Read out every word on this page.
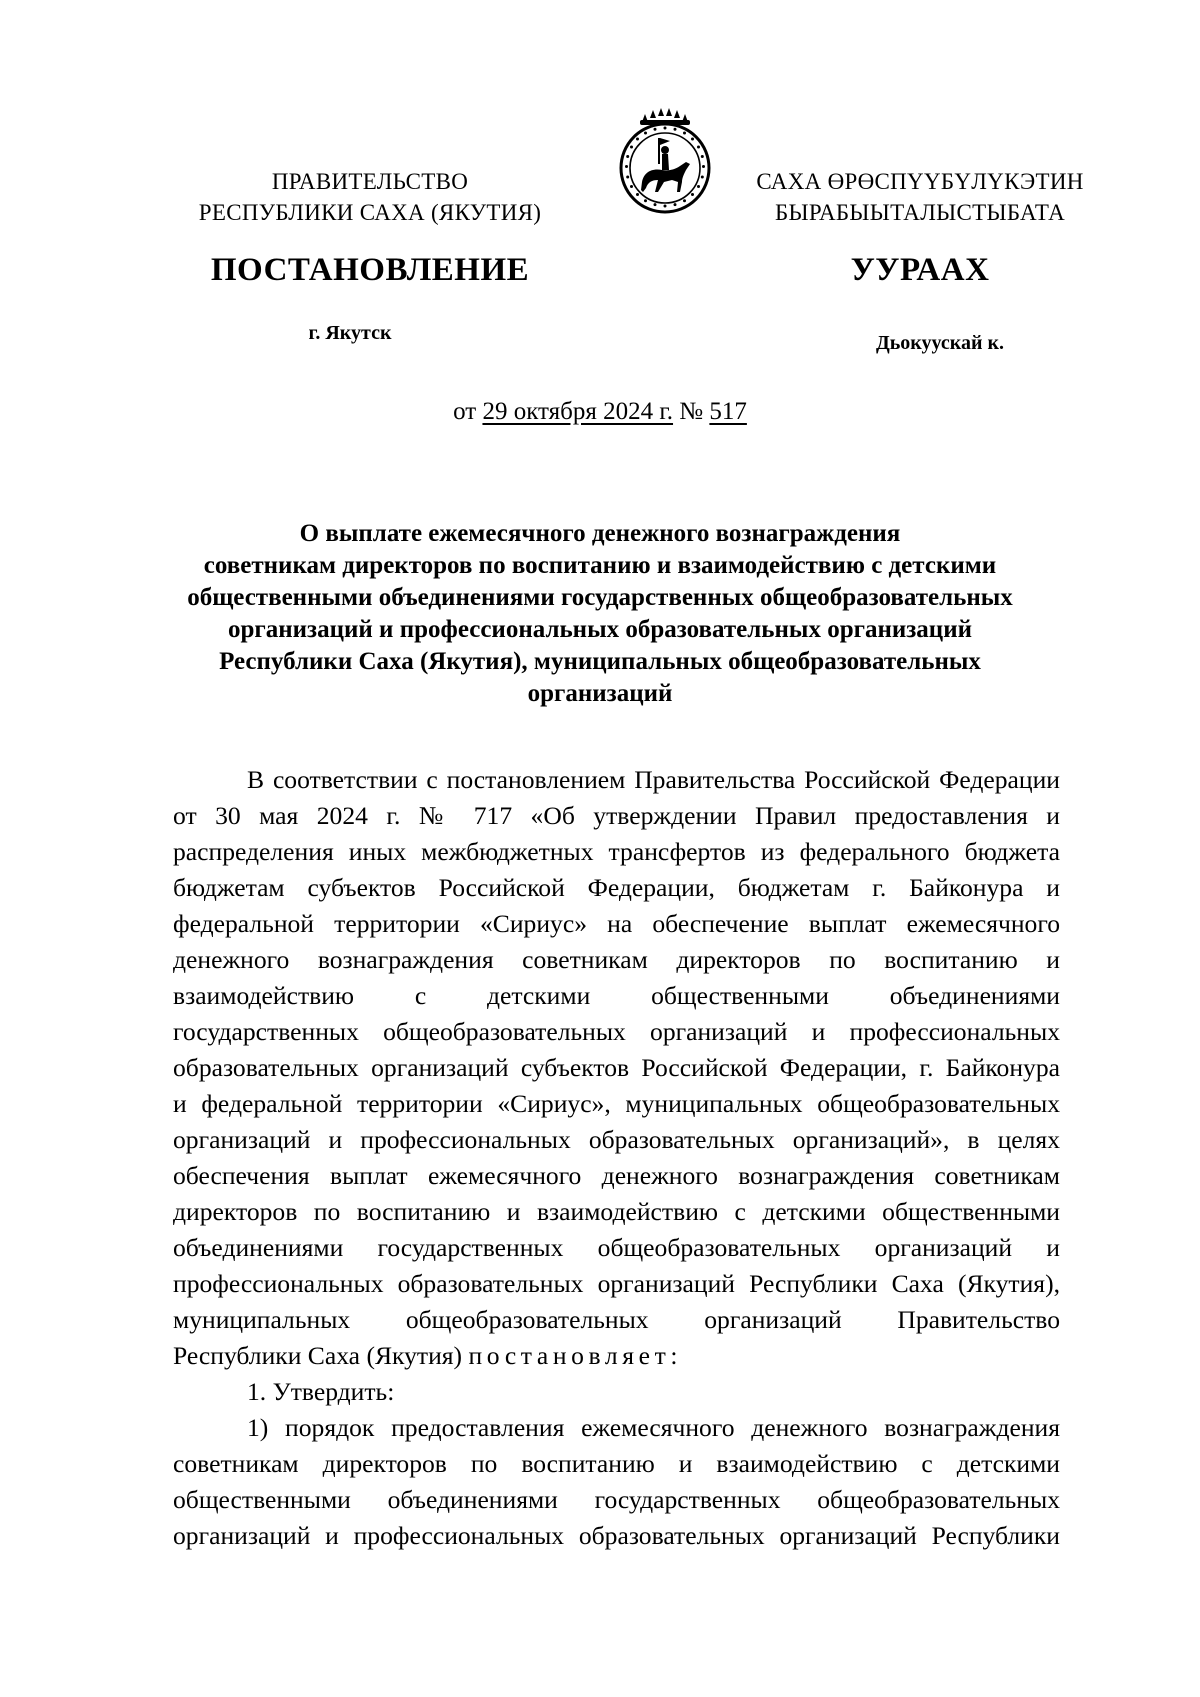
ПРАВИТЕЛЬСТВО
РЕСПУБЛИКИ САХА (ЯКУТИЯ)
САХА ӨРӨСПҮҮБҮЛҮКЭТИН
БЫРАБЫЫТАЛЫСТЫБАТА
ПОСТАНОВЛЕНИЕ	УУРААХ
г. Якутск	Дьокуускай к.
от 29 октября 2024 г. № 517
О выплате ежемесячного денежного вознаграждения
советникам директоров по воспитанию и взаимодействию с детскими
общественными объединениями государственных общеобразовательных
организаций и профессиональных образовательных организаций
Республики Саха (Якутия), муниципальных общеобразовательных
организаций
В соответствии с постановлением Правительства Российской Федерации
от 30 мая 2024 г. № 717 «Об утверждении Правил предоставления и
распределения иных межбюджетных трансфертов из федерального бюджета
бюджетам субъектов Российской Федерации, бюджетам г. Байконура и
федеральной территории «Сириус» на обеспечение выплат ежемесячного
денежного вознаграждения советникам директоров по воспитанию и
взаимодействию с детскими общественными объединениями
государственных общеобразовательных организаций и профессиональных
образовательных организаций субъектов Российской Федерации, г. Байконура
и федеральной территории «Сириус», муниципальных общеобразовательных
организаций и профессиональных образовательных организаций», в целях
обеспечения выплат ежемесячного денежного вознаграждения советникам
директоров по воспитанию и взаимодействию с детскими общественными
объединениями государственных общеобразовательных организаций и
профессиональных образовательных организаций Республики Саха (Якутия),
муниципальных общеобразовательных организаций Правительство
Республики Саха (Якутия) постановляет:
1. Утвердить:
1) порядок предоставления ежемесячного денежного вознаграждения
советникам директоров по воспитанию и взаимодействию с детскими
общественными объединениями государственных общеобразовательных
организаций и профессиональных образовательных организаций Республики
